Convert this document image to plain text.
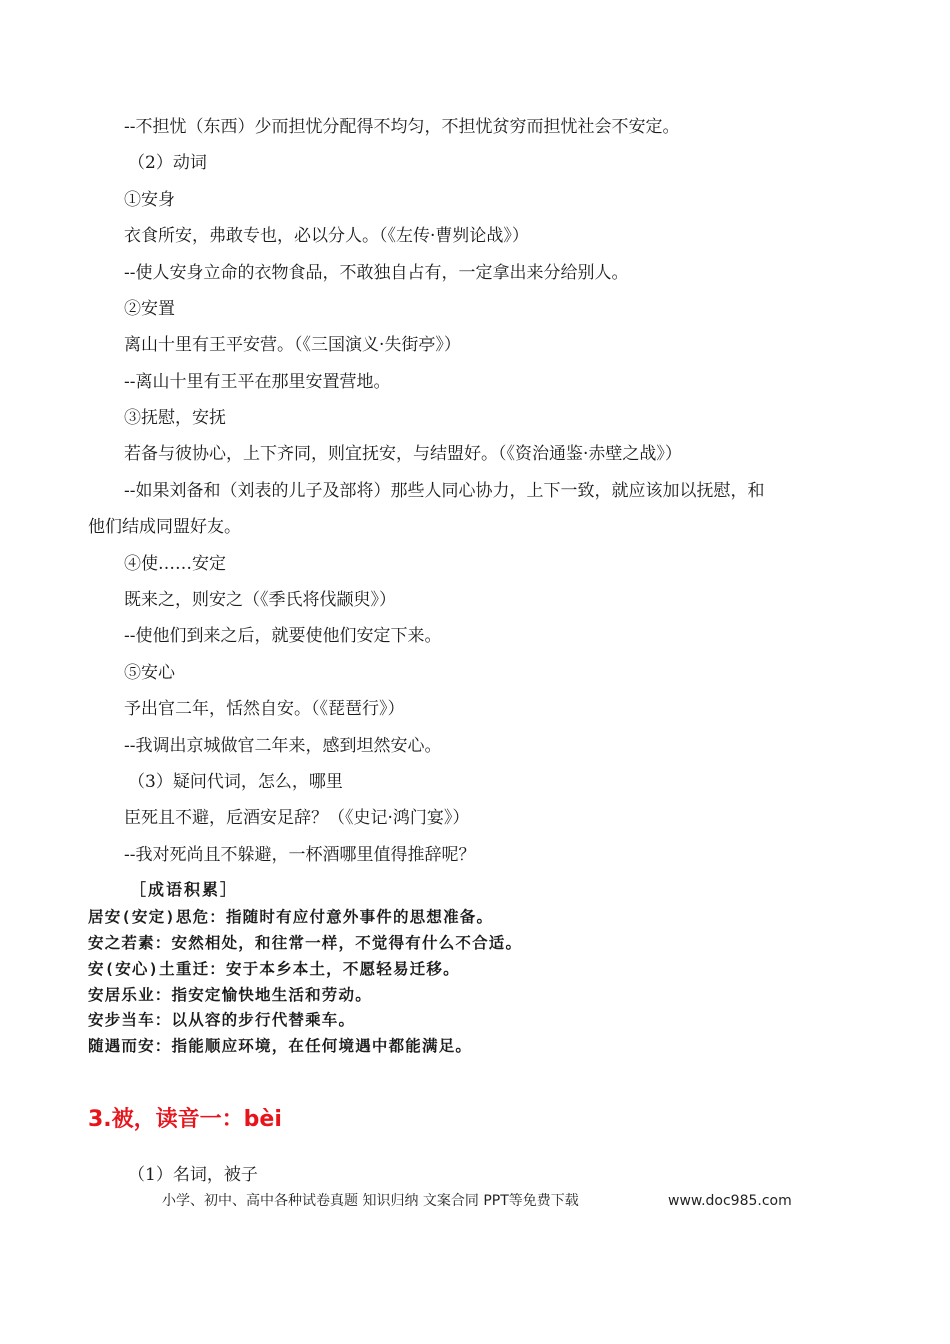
--不担忧（东西）少而担忧分配得不均匀，不担忧贫穷而担忧社会不安定。
（2）动词
①安身
衣食所安，弗敢专也，必以分人。（《左传·曹刿论战》）
--使人安身立命的衣物食品，不敢独自占有，一定拿出来分给别人。
②安置
离山十里有王平安营。（《三国演义·失街亭》）
--离山十里有王平在那里安置营地。
③抚慰，安抚
若备与彼协心，上下齐同，则宜抚安，与结盟好。（《资治通鉴·赤壁之战》）
--如果刘备和（刘表的儿子及部将）那些人同心协力，上下一致，就应该加以抚慰，和
他们结成同盟好友。
④使……安定
既来之，则安之（《季氏将伐颛臾》）
--使他们到来之后，就要使他们安定下来。
⑤安心
予出官二年，恬然自安。（《琵琶行》）
--我调出京城做官二年来，感到坦然安心。
（3）疑问代词，怎么，哪里
臣死且不避，卮酒安足辞？（《史记·鸿门宴》）
--我对死尚且不躲避，一杯酒哪里值得推辞呢？
［成语积累］
居安(安定)思危：指随时有应付意外事件的思想准备。
安之若素：安然相处，和往常一样，不觉得有什么不合适。
安(安心)土重迁：安于本乡本土，不愿轻易迁移。
安居乐业：指安定愉快地生活和劳动。
安步当车：以从容的步行代替乘车。
随遇而安：指能顺应环境，在任何境遇中都能满足。
3.被，读音一：bèi
（1）名词，被子
小学、初中、高中各种试卷真题 知识归纳 文案合同 PPT等免费下载	www.doc985.com
